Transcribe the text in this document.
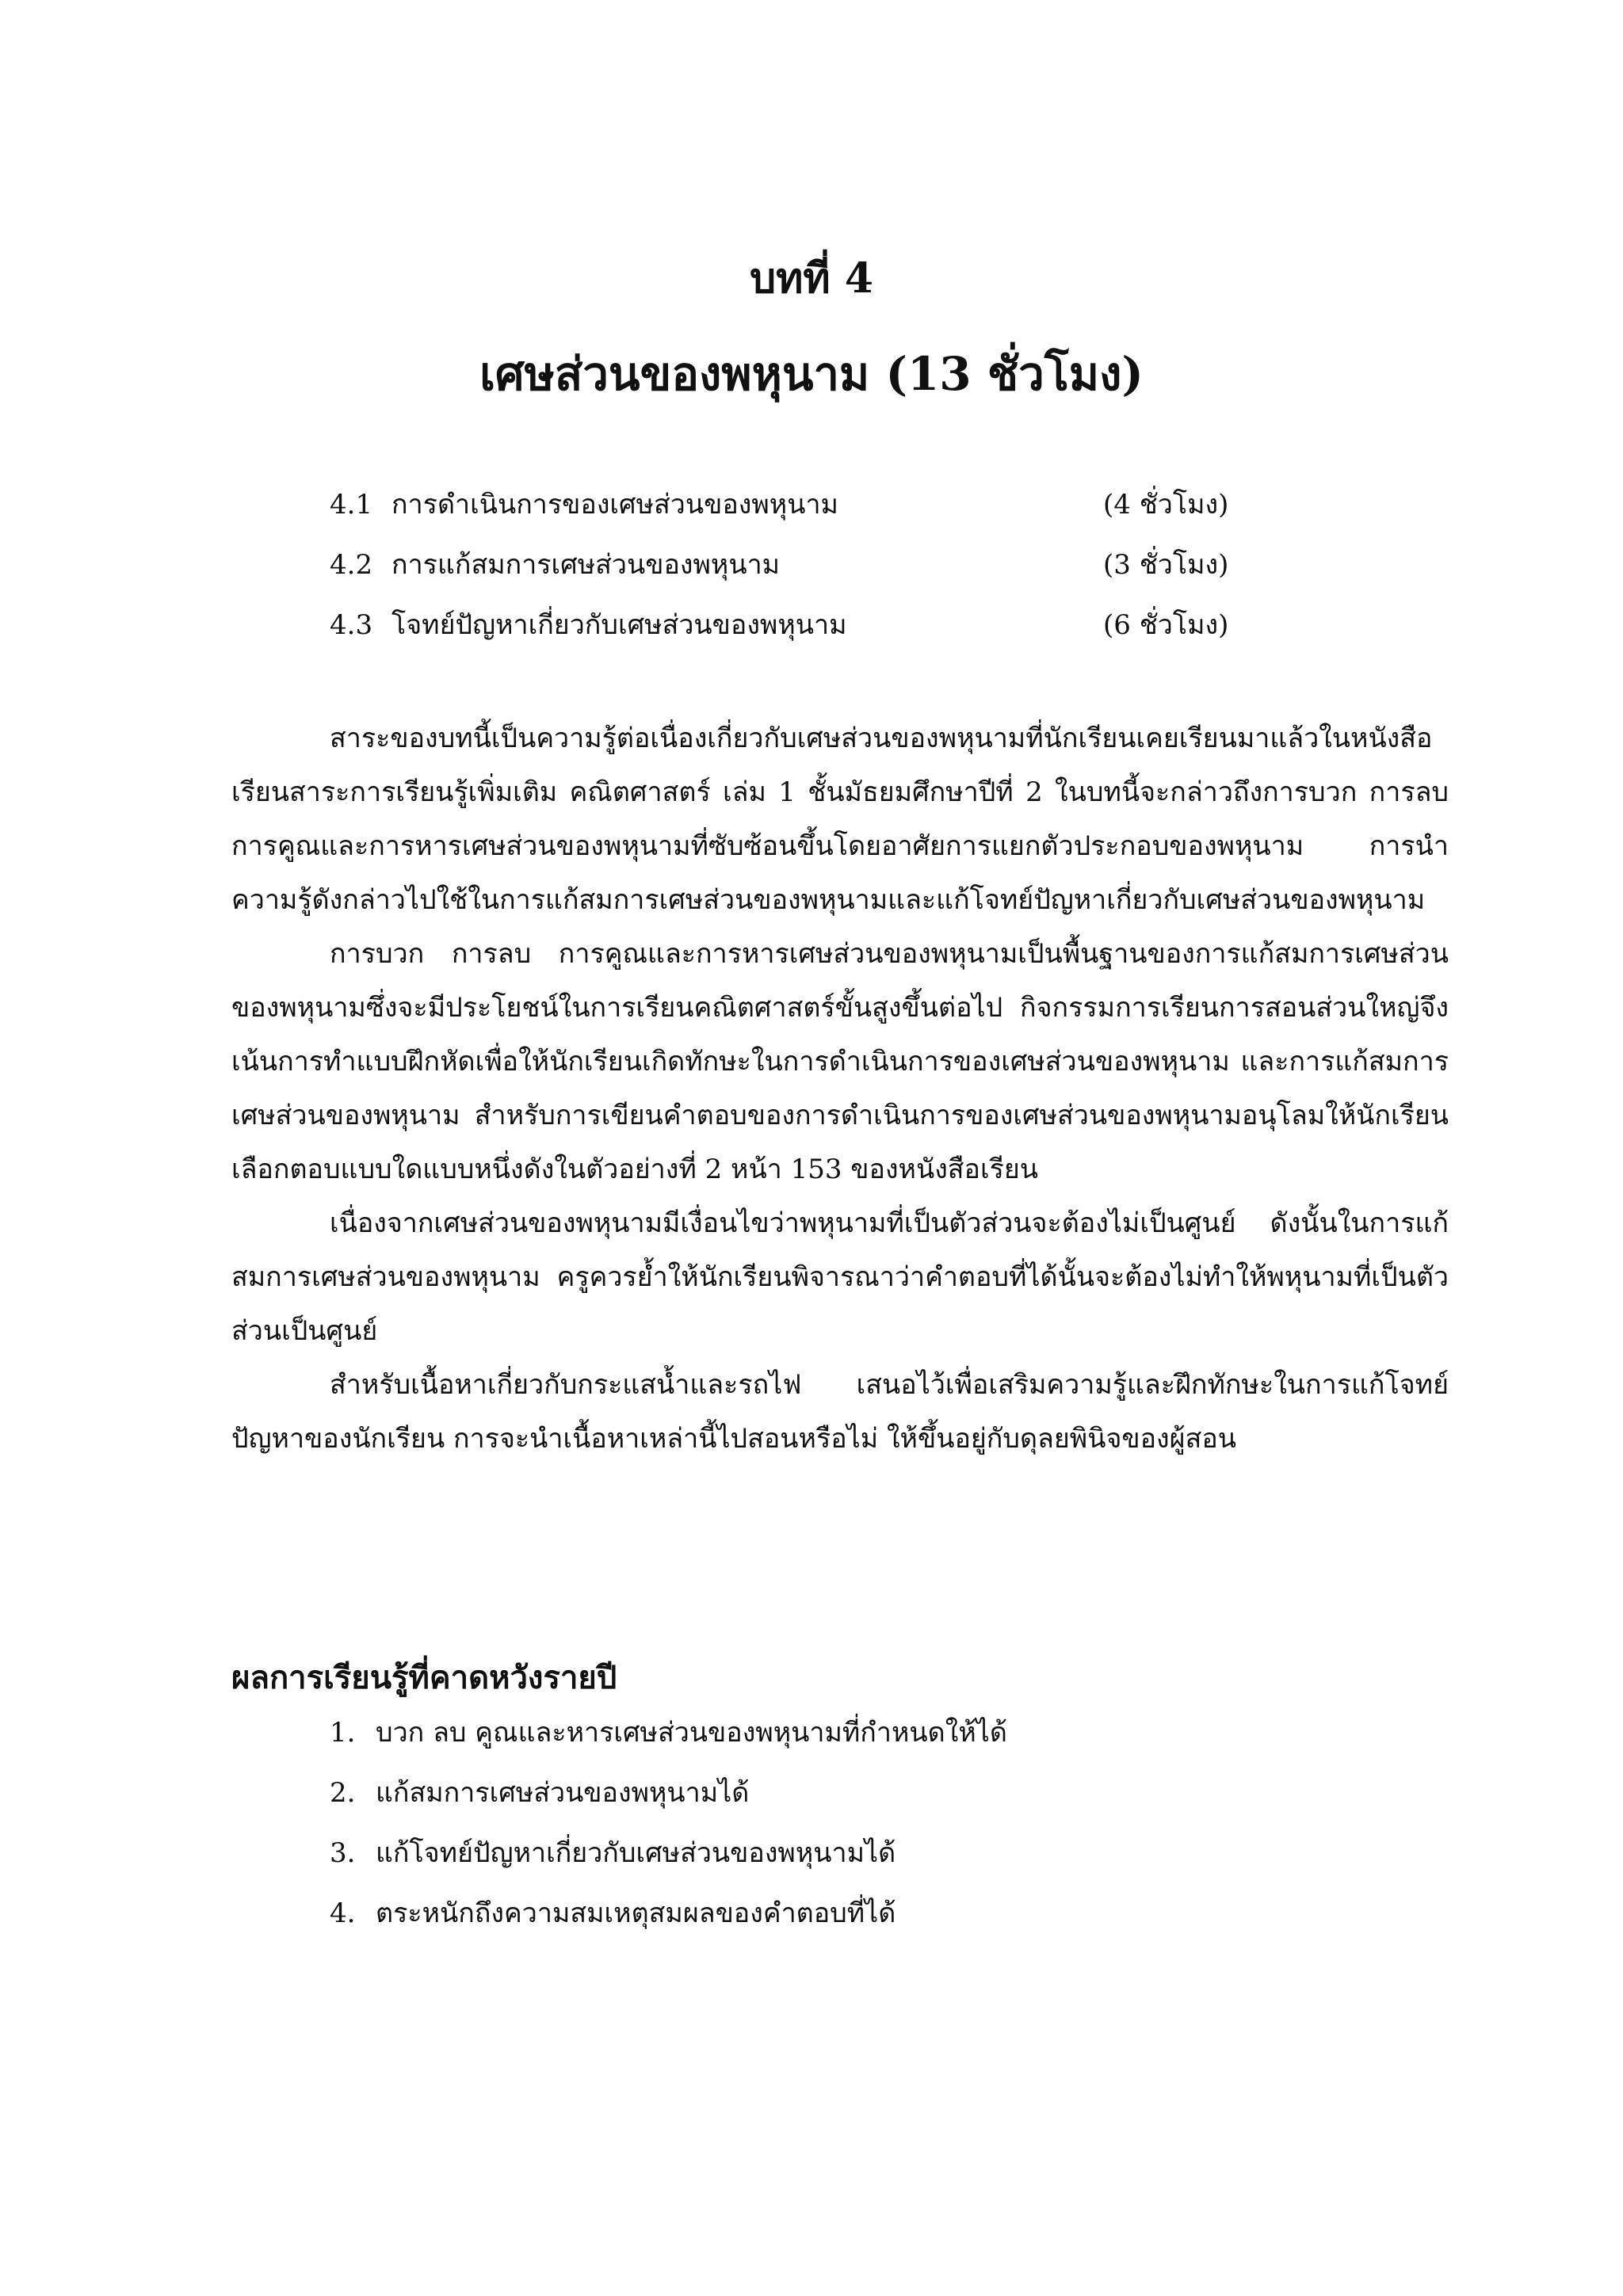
บทที่ 4
เศษส่วนของพหุนาม (13 ชั่วโมง)
4.1 การดำเนินการของเศษส่วนของพหุนาม	(4 ชั่วโมง)
4.2 การแก้สมการเศษส่วนของพหุนาม	(3 ชั่วโมง)
4.3 โจทย์ปัญหาเกี่ยวกับเศษส่วนของพหุนาม	(6 ชั่วโมง)

สาระของบทนี้เป็นความรู้ต่อเนื่องเกี่ยวกับเศษส่วนของพหุนามที่นักเรียนเคยเรียนมาแล้วในหนังสือเรียนสาระการเรียนรู้เพิ่มเติม คณิตศาสตร์ เล่ม 1 ชั้นมัธยมศึกษาปีที่ 2 ในบทนี้จะกล่าวถึงการบวก การลบ การคูณและการหารเศษส่วนของพหุนามที่ซับซ้อนขึ้นโดยอาศัยการแยกตัวประกอบของพหุนาม การนำความรู้ดังกล่าวไปใช้ในการแก้สมการเศษส่วนของพหุนามและแก้โจทย์ปัญหาเกี่ยวกับเศษส่วนของพหุนาม

การบวก การลบ การคูณและการหารเศษส่วนของพหุนามเป็นพื้นฐานของการแก้สมการเศษส่วนของพหุนามซึ่งจะมีประโยชน์ในการเรียนคณิตศาสตร์ขั้นสูงขึ้นต่อไป กิจกรรมการเรียนการสอนส่วนใหญ่จึงเน้นการทำแบบฝึกหัดเพื่อให้นักเรียนเกิดทักษะในการดำเนินการของเศษส่วนของพหุนาม และการแก้สมการเศษส่วนของพหุนาม สำหรับการเขียนคำตอบของการดำเนินการของเศษส่วนของพหุนามอนุโลมให้นักเรียนเลือกตอบแบบใดแบบหนึ่งดังในตัวอย่างที่ 2 หน้า 153 ของหนังสือเรียน

เนื่องจากเศษส่วนของพหุนามมีเงื่อนไขว่าพหุนามที่เป็นตัวส่วนจะต้องไม่เป็นศูนย์ ดังนั้นในการแก้สมการเศษส่วนของพหุนาม ครูควรย้ำให้นักเรียนพิจารณาว่าคำตอบที่ได้นั้นจะต้องไม่ทำให้พหุนามที่เป็นตัวส่วนเป็นศูนย์

สำหรับเนื้อหาเกี่ยวกับกระแสน้ำและรถไฟ เสนอไว้เพื่อเสริมความรู้และฝึกทักษะในการแก้โจทย์ปัญหาของนักเรียน การจะนำเนื้อหาเหล่านี้ไปสอนหรือไม่ ให้ขึ้นอยู่กับดุลยพินิจของผู้สอน

ผลการเรียนรู้ที่คาดหวังรายปี
1. บวก ลบ คูณและหารเศษส่วนของพหุนามที่กำหนดให้ได้
2. แก้สมการเศษส่วนของพหุนามได้
3. แก้โจทย์ปัญหาเกี่ยวกับเศษส่วนของพหุนามได้
4. ตระหนักถึงความสมเหตุสมผลของคำตอบที่ได้
